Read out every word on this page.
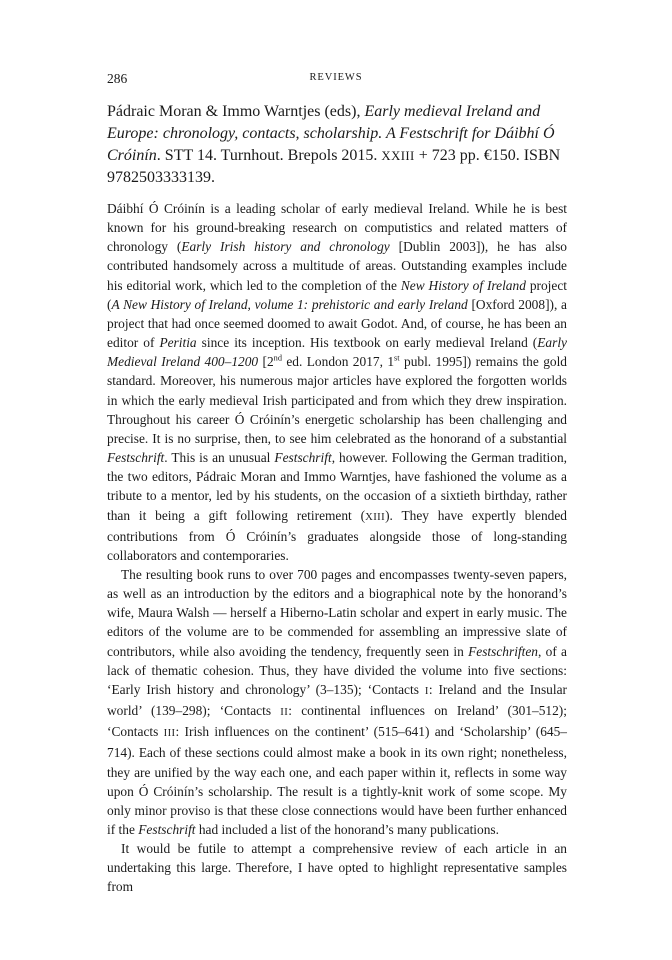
286	REVIEWS
Pádraic Moran & Immo Warntjes (eds), Early medieval Ireland and Europe: chronology, contacts, scholarship. A Festschrift for Dáibhí Ó Cróinín. STT 14. Turnhout. Brepols 2015. XXIII + 723 pp. €150. ISBN 9782503333139.

Dáibhí Ó Cróinín is a leading scholar of early medieval Ireland. While he is best known for his ground-breaking research on computistics and related matters of chronology (Early Irish history and chronology [Dublin 2003]), he has also contributed handsomely across a multitude of areas. Outstanding examples include his editorial work, which led to the completion of the New History of Ireland project (A New History of Ireland, volume 1: prehistoric and early Ireland [Oxford 2008]), a project that had once seemed doomed to await Godot. And, of course, he has been an editor of Peritia since its inception. His textbook on early medieval Ireland (Early Medieval Ireland 400–1200 [2nd ed. London 2017, 1st publ. 1995]) remains the gold standard. Moreover, his numerous major articles have explored the forgotten worlds in which the early medieval Irish participated and from which they drew inspiration. Throughout his career Ó Cróinín’s energetic scholarship has been challenging and precise. It is no surprise, then, to see him celebrated as the honorand of a substantial Festschrift. This is an unusual Festschrift, however. Following the German tradition, the two editors, Pádraic Moran and Immo Warntjes, have fashioned the volume as a tribute to a mentor, led by his students, on the occasion of a sixtieth birthday, rather than it being a gift following retirement (XIII). They have expertly blended contributions from Ó Cróinín’s graduates alongside those of long-standing collaborators and contemporaries.

The resulting book runs to over 700 pages and encompasses twenty-seven papers, as well as an introduction by the editors and a biographical note by the honorand’s wife, Maura Walsh — herself a Hiberno-Latin scholar and expert in early music. The editors of the volume are to be commended for assembling an impressive slate of contributors, while also avoiding the tendency, frequently seen in Festschriften, of a lack of thematic cohesion. Thus, they have divided the volume into five sections: ‘Early Irish history and chronology’ (3–135); ‘Contacts I: Ireland and the Insular world’ (139–298); ‘Contacts II: continental influences on Ireland’ (301–512); ‘Contacts III: Irish influences on the continent’ (515–641) and ‘Scholarship’ (645–714). Each of these sections could almost make a book in its own right; nonetheless, they are unified by the way each one, and each paper within it, reflects in some way upon Ó Cróinín’s scholarship. The result is a tightly-knit work of some scope. My only minor proviso is that these close connections would have been further enhanced if the Festschrift had included a list of the honorand’s many publications.

It would be futile to attempt a comprehensive review of each article in an undertaking this large. Therefore, I have opted to highlight representative samples from
